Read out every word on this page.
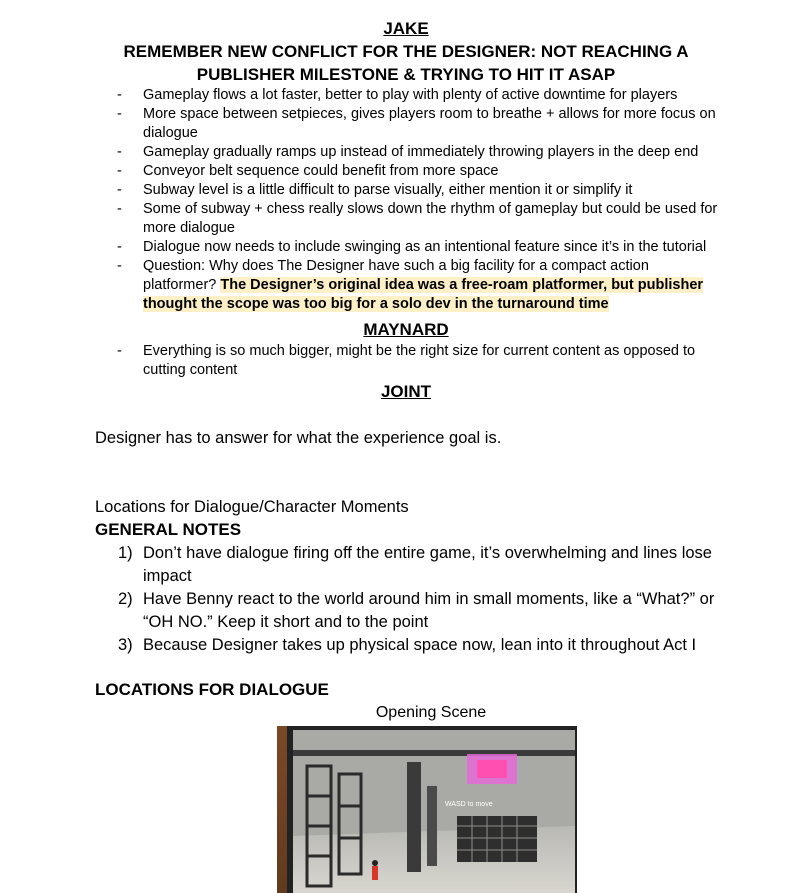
JAKE
REMEMBER NEW CONFLICT FOR THE DESIGNER: NOT REACHING A PUBLISHER MILESTONE & TRYING TO HIT IT ASAP
- Gameplay flows a lot faster, better to play with plenty of active downtime for players
- More space between setpieces, gives players room to breathe + allows for more focus on dialogue
- Gameplay gradually ramps up instead of immediately throwing players in the deep end
- Conveyor belt sequence could benefit from more space
- Subway level is a little difficult to parse visually, either mention it or simplify it
- Some of subway + chess really slows down the rhythm of gameplay but could be used for more dialogue
- Dialogue now needs to include swinging as an intentional feature since it’s in the tutorial
- Question: Why does The Designer have such a big facility for a compact action platformer? The Designer’s original idea was a free-roam platformer, but publisher thought the scope was too big for a solo dev in the turnaround time
MAYNARD
- Everything is so much bigger, might be the right size for current content as opposed to cutting content
JOINT
Designer has to answer for what the experience goal is.
Locations for Dialogue/Character Moments
GENERAL NOTES
1) Don’t have dialogue firing off the entire game, it’s overwhelming and lines lose impact
2) Have Benny react to the world around him in small moments, like a “What?” or “OH NO.” Keep it short and to the point
3) Because Designer takes up physical space now, lean into it throughout Act I
LOCATIONS FOR DIALOGUE
Opening Scene
WASD to move
